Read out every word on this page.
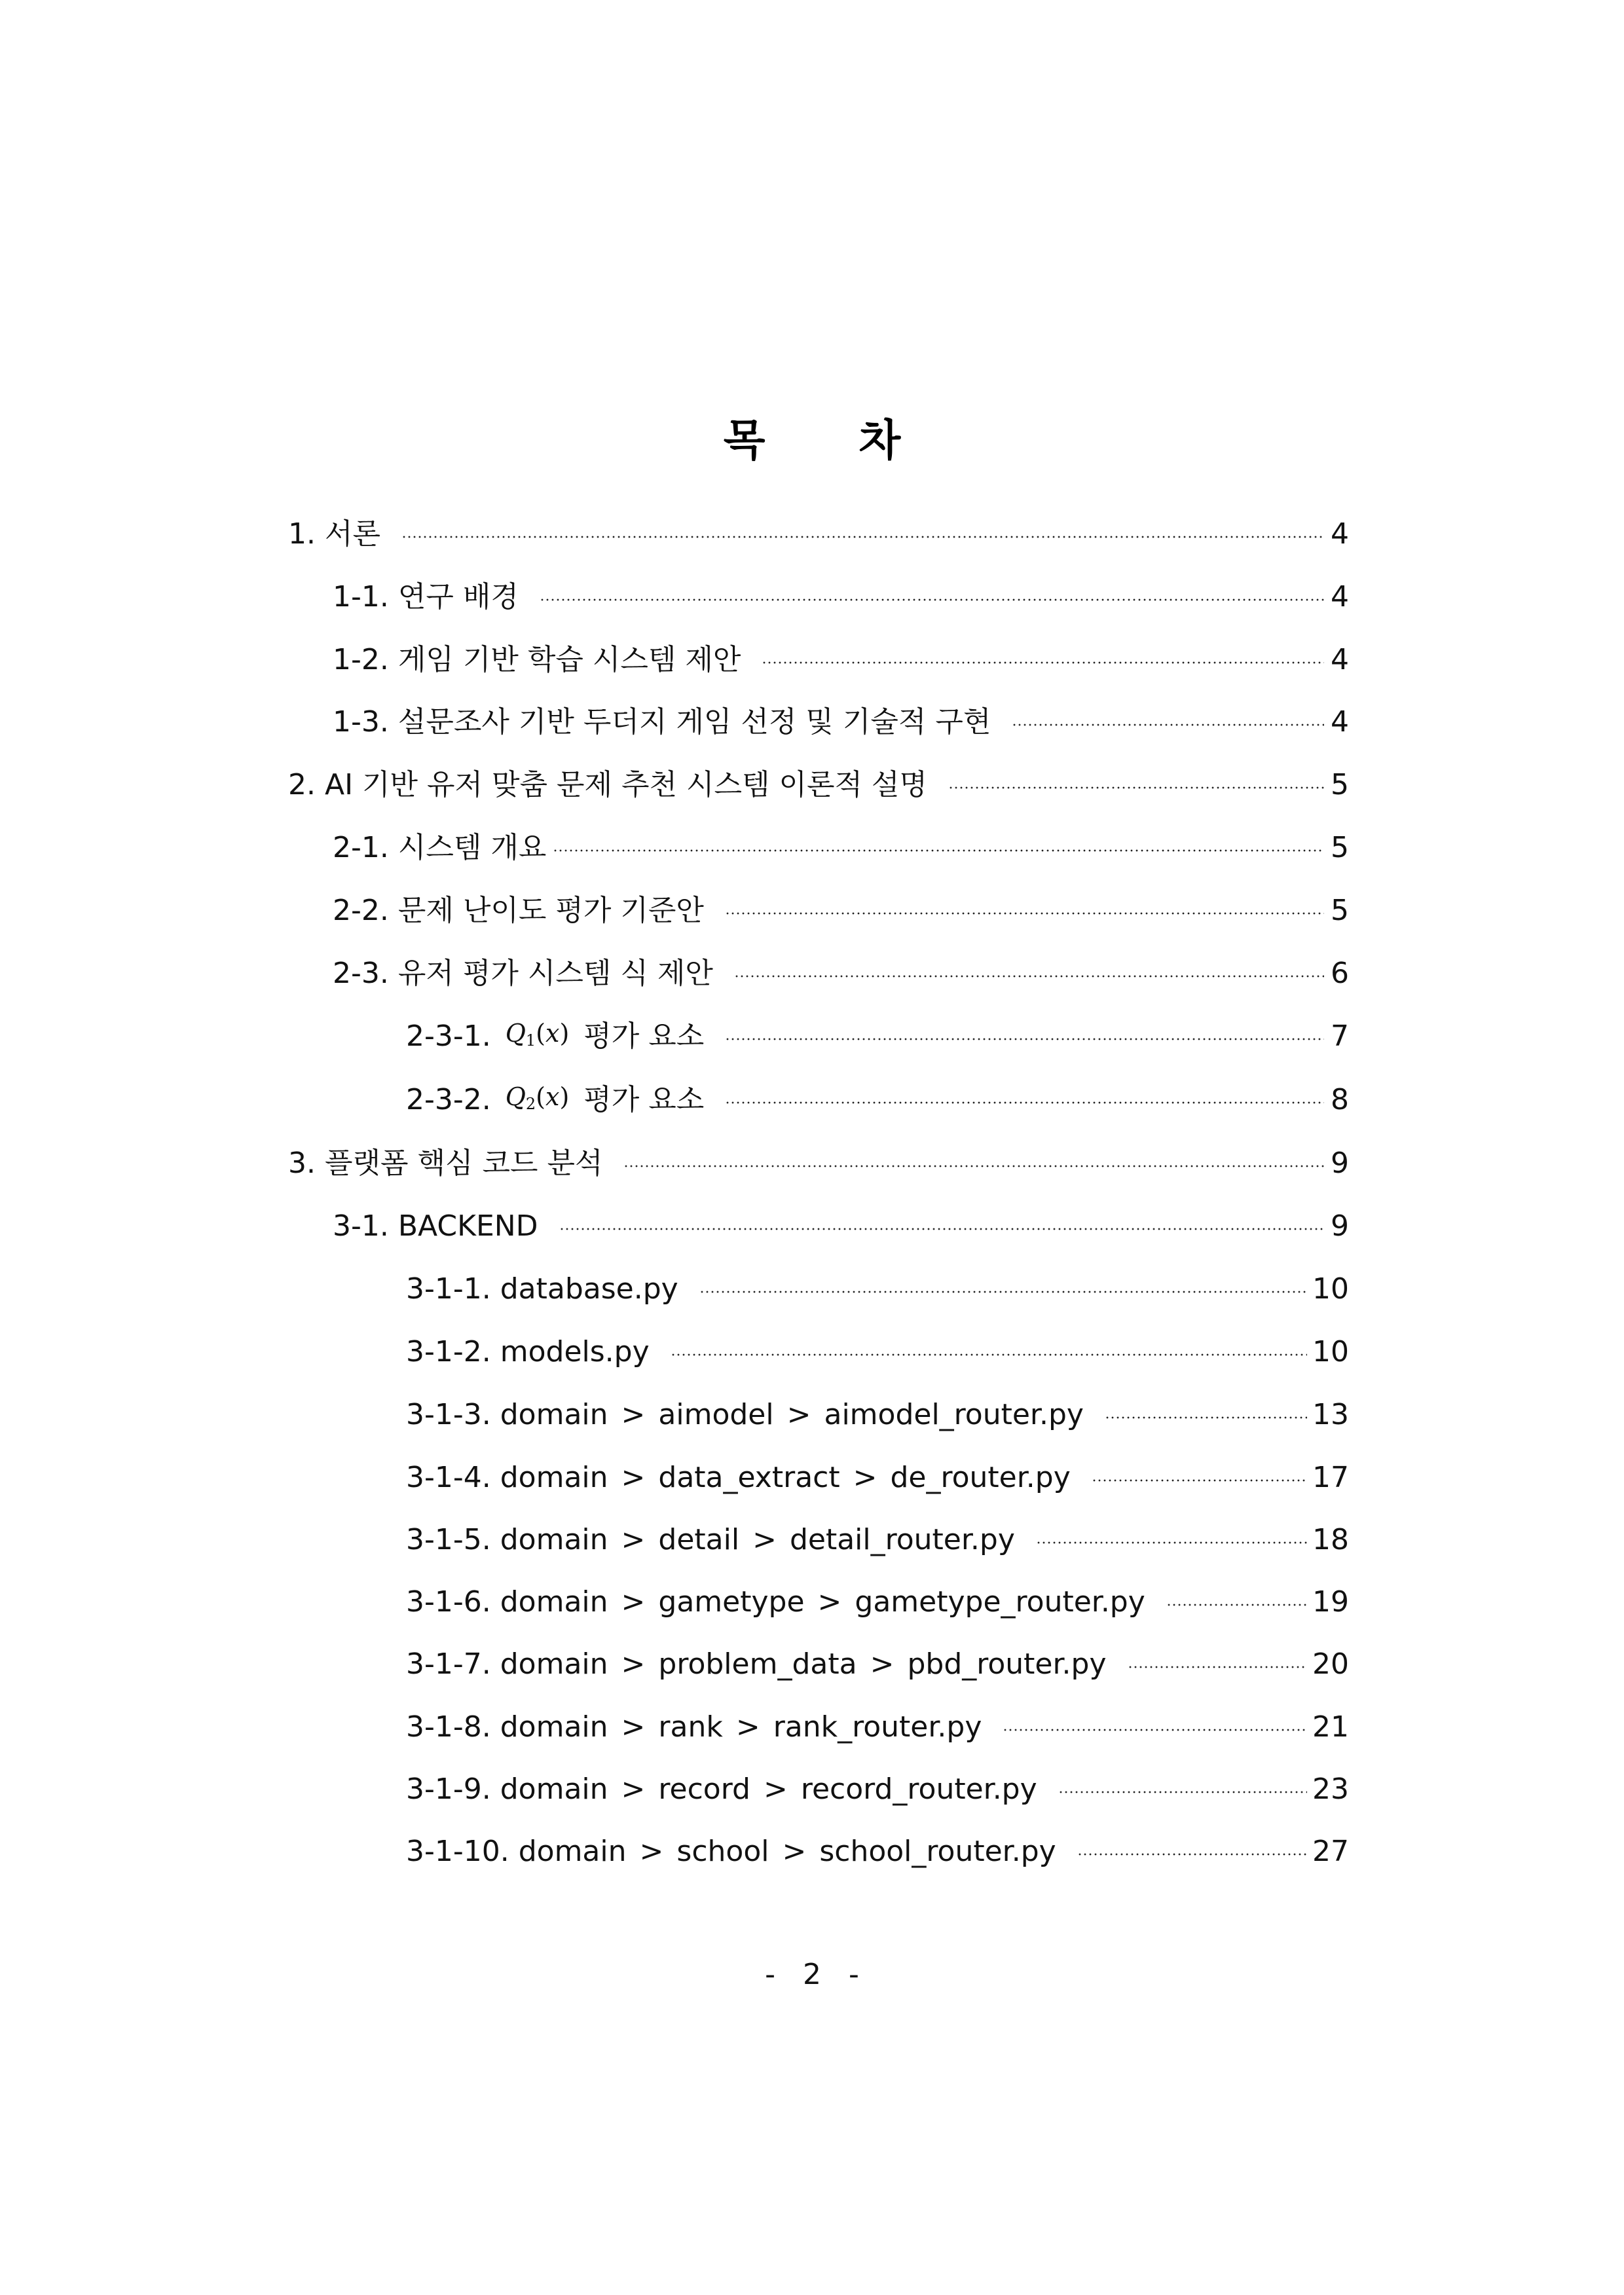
목 차
1. 서론	4
1-1. 연구 배경	4
1-2. 게임 기반 학습 시스템 제안	4
1-3. 설문조사 기반 두더지 게임 선정 및 기술적 구현	4
2. AI 기반 유저 맞춤 문제 추천 시스템 이론적 설명	5
2-1. 시스템 개요	5
2-2. 문제 난이도 평가 기준안	5
2-3. 유저 평가 시스템 식 제안	6
2-3-1. $Q_1(x)$ 평가 요소	7
2-3-2. $Q_2(x)$ 평가 요소	8
3. 플랫폼 핵심 코드 분석	9
3-1. BACKEND	9
3-1-1. database.py	10
3-1-2. models.py	10
3-1-3. domain > aimodel > aimodel_router.py	13
3-1-4. domain > data_extract > de_router.py	17
3-1-5. domain > detail > detail_router.py	18
3-1-6. domain > gametype > gametype_router.py	19
3-1-7. domain > problem_data > pbd_router.py	20
3-1-8. domain > rank > rank_router.py	21
3-1-9. domain > record > record_router.py	23
3-1-10. domain > school > school_router.py	27
- 2 -
